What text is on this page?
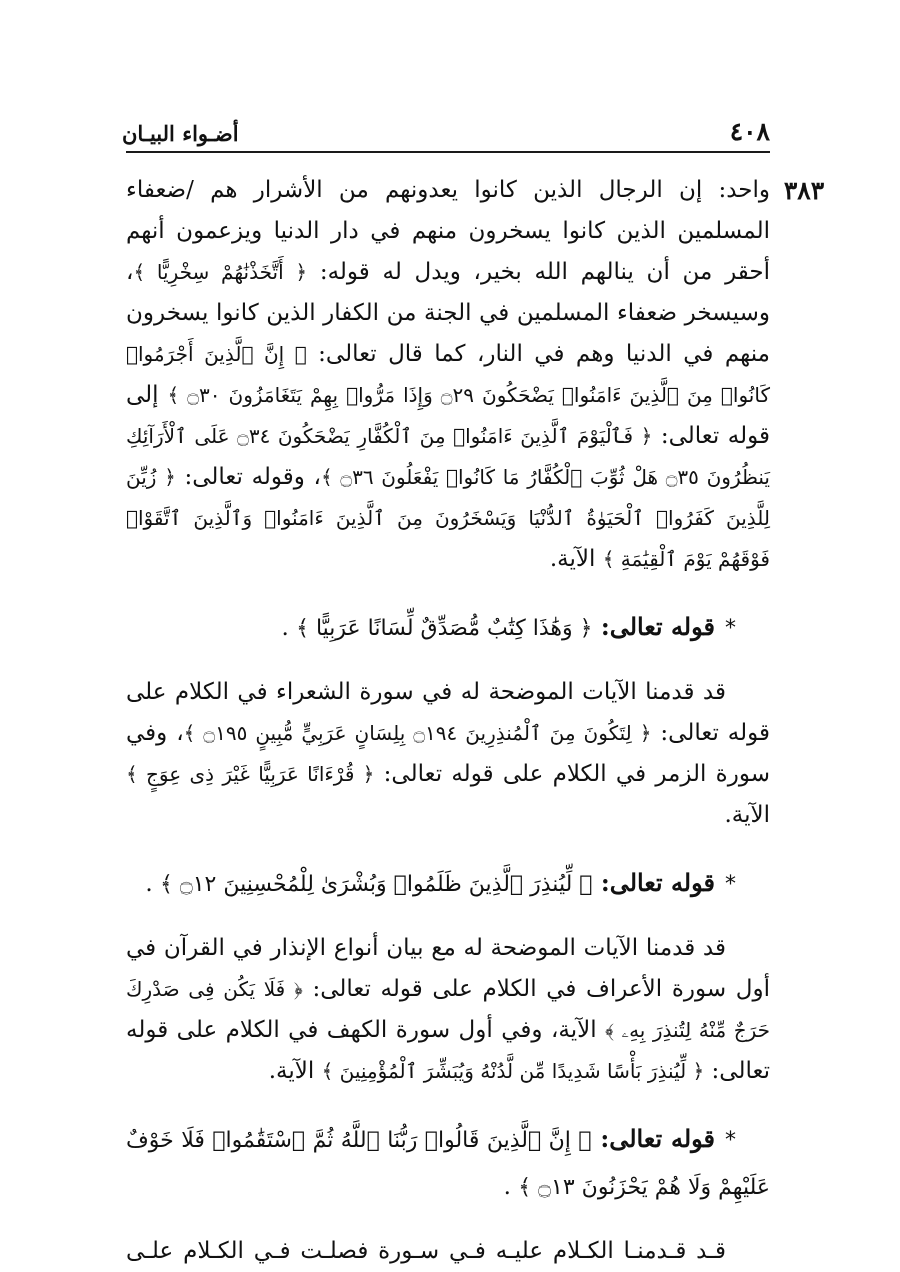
٤٠٨
أضـواء البيـان
٣٨٣

واحد: إن الرجال الذين كانوا يعدونهم من الأشرار هم /ضعفاء المسلمين الذين كانوا يسخرون منهم في دار الدنيا ويزعمون أنهم أحقر من أن ينالهم الله بخير، ويدل له قوله: ﴿ أَتَّخَذْنَٰهُمْ سِخْرِيًّا ﴾، وسيسخر ضعفاء المسلمين في الجنة من الكفار الذين كانوا يسخرون منهم في الدنيا وهم في النار، كما قال تعالى: ﴿ إِنَّ ٱلَّذِينَ أَجْرَمُوا۟ كَانُوا۟ مِنَ ٱلَّذِينَ ءَامَنُوا۟ يَضْحَكُونَ ۝٢٩ وَإِذَا مَرُّوا۟ بِهِمْ يَتَغَامَزُونَ ۝٣٠ ﴾ إلى قوله تعالى: ﴿ فَٱلْيَوْمَ ٱلَّذِينَ ءَامَنُوا۟ مِنَ ٱلْكُفَّارِ يَضْحَكُونَ ۝٣٤ عَلَى ٱلْأَرَآئِكِ يَنظُرُونَ ۝٣٥ هَلْ ثُوِّبَ ٱلْكُفَّارُ مَا كَانُوا۟ يَفْعَلُونَ ۝٣٦ ﴾، وقوله تعالى: ﴿ زُيِّنَ لِلَّذِينَ كَفَرُوا۟ ٱلْحَيَوٰةُ ٱلدُّنْيَا وَيَسْخَرُونَ مِنَ ٱلَّذِينَ ءَامَنُوا۟ وَٱلَّذِينَ ٱتَّقَوْا۟ فَوْقَهُمْ يَوْمَ ٱلْقِيَٰمَةِ ﴾ الآية.

*قوله تعالى: ﴿ وَهَٰذَا كِتَٰبٌ مُّصَدِّقٌ لِّسَانًا عَرَبِيًّا ﴾ .

قد قدمنا الآيات الموضحة له في سورة الشعراء في الكلام على قوله تعالى: ﴿ لِتَكُونَ مِنَ ٱلْمُنذِرِينَ ۝١٩٤ بِلِسَانٍ عَرَبِيٍّ مُّبِينٍ ۝١٩٥ ﴾، وفي سورة الزمر في الكلام على قوله تعالى: ﴿ قُرْءَانًا عَرَبِيًّا غَيْرَ ذِى عِوَجٍ ﴾ الآية.

*قوله تعالى: ﴿ لِّيُنذِرَ ٱلَّذِينَ ظَلَمُوا۟ وَبُشْرَىٰ لِلْمُحْسِنِينَ ۝١٢ ﴾ .

قد قدمنا الآيات الموضحة له مع بيان أنواع الإنذار في القرآن في أول سورة الأعراف في الكلام على قوله تعالى: ﴿ فَلَا يَكُن فِى صَدْرِكَ حَرَجٌ مِّنْهُ لِتُنذِرَ بِهِۦ ﴾ الآية، وفي أول سورة الكهف في الكلام على قوله تعالى: ﴿ لِّيُنذِرَ بَأْسًا شَدِيدًا مِّن لَّدُنْهُ وَيُبَشِّرَ ٱلْمُؤْمِنِينَ ﴾ الآية.

*قوله تعالى: ﴿ إِنَّ ٱلَّذِينَ قَالُوا۟ رَبُّنَا ٱللَّهُ ثُمَّ ٱسْتَقَٰمُوا۟ فَلَا خَوْفٌ عَلَيْهِمْ وَلَا هُمْ يَحْزَنُونَ ۝١٣ ﴾ .

قـد قـدمنـا الكـلام عليـه فـي سـورة فصلـت فـي الكـلام علـى
